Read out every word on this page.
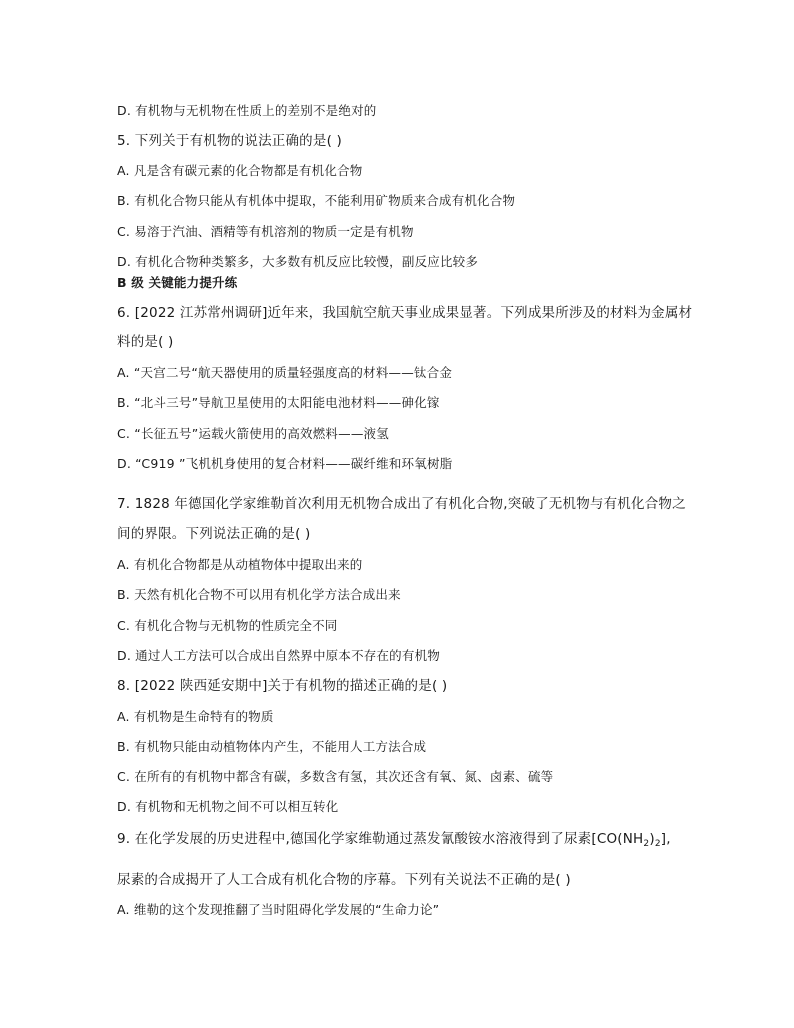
D. 有机物与无机物在性质上的差别不是绝对的
5. 下列关于有机物的说法正确的是( )
A. 凡是含有碳元素的化合物都是有机化合物
B. 有机化合物只能从有机体中提取，不能利用矿物质来合成有机化合物
C. 易溶于汽油、酒精等有机溶剂的物质一定是有机物
D. 有机化合物种类繁多，大多数有机反应比较慢，副反应比较多
B 级 关键能力提升练
6. [2022 江苏常州调研]近年来，我国航空航天事业成果显著。下列成果所涉及的材料为金属材
料的是( )
A. “天宫二号“航天器使用的质量轻强度高的材料——钛合金
B. “北斗三号”导航卫星使用的太阳能电池材料——砷化镓
C. “长征五号”运载火箭使用的高效燃料——液氢
D. “C919 ”飞机机身使用的复合材料——碳纤维和环氧树脂
7. 1828 年德国化学家维勒首次利用无机物合成出了有机化合物,突破了无机物与有机化合物之
间的界限。下列说法正确的是( )
A. 有机化合物都是从动植物体中提取出来的
B. 天然有机化合物不可以用有机化学方法合成出来
C. 有机化合物与无机物的性质完全不同
D. 通过人工方法可以合成出自然界中原本不存在的有机物
8. [2022 陕西延安期中]关于有机物的描述正确的是( )
A. 有机物是生命特有的物质
B. 有机物只能由动植物体内产生，不能用人工方法合成
C. 在所有的有机物中都含有碳，多数含有氢，其次还含有氧、氮、卤素、硫等
D. 有机物和无机物之间不可以相互转化
9. 在化学发展的历史进程中,德国化学家维勒通过蒸发氰酸铵水溶液得到了尿素$[CO(NH_2)_2]$,
尿素的合成揭开了人工合成有机化合物的序幕。下列有关说法不正确的是( )
A. 维勒的这个发现推翻了当时阻碍化学发展的“生命力论”
